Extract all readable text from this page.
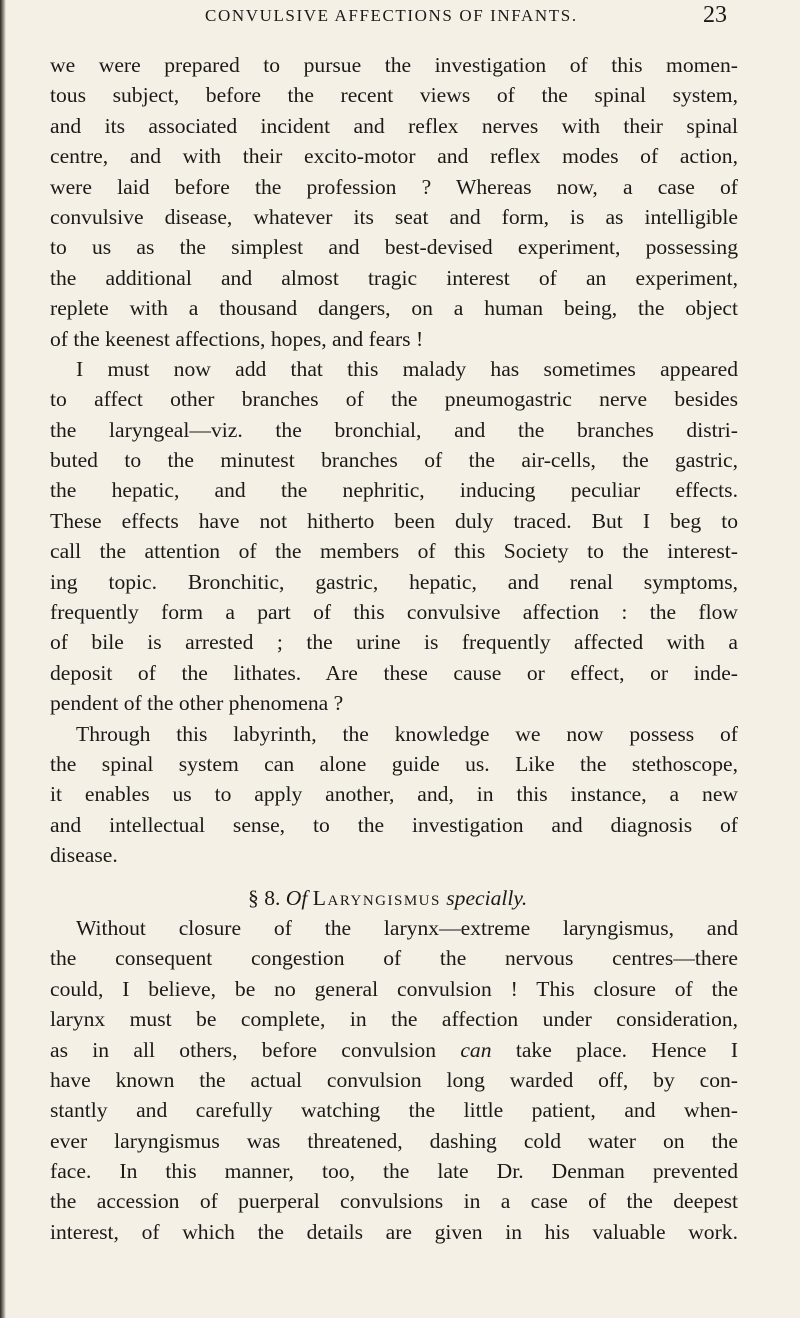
CONVULSIVE AFFECTIONS OF INFANTS.	23
we were prepared to pursue the investigation of this momen-
tous subject, before the recent views of the spinal system,
and its associated incident and reflex nerves with their spinal
centre, and with their excito-motor and reflex modes of action,
were laid before the profession ? Whereas now, a case of
convulsive disease, whatever its seat and form, is as intelligible
to us as the simplest and best-devised experiment, possessing
the additional and almost tragic interest of an experiment,
replete with a thousand dangers, on a human being, the object
of the keenest affections, hopes, and fears !
I must now add that this malady has sometimes appeared
to affect other branches of the pneumogastric nerve besides
the laryngeal—viz. the bronchial, and the branches distri-
buted to the minutest branches of the air-cells, the gastric,
the hepatic, and the nephritic, inducing peculiar effects.
These effects have not hitherto been duly traced. But I beg to
call the attention of the members of this Society to the interest-
ing topic. Bronchitic, gastric, hepatic, and renal symptoms,
frequently form a part of this convulsive affection : the flow
of bile is arrested ; the urine is frequently affected with a
deposit of the lithates. Are these cause or effect, or inde-
pendent of the other phenomena ?
Through this labyrinth, the knowledge we now possess of
the spinal system can alone guide us. Like the stethoscope,
it enables us to apply another, and, in this instance, a new
and intellectual sense, to the investigation and diagnosis of
disease.
§ 8. Of Laryngismus specially.
Without closure of the larynx—extreme laryngismus, and
the consequent congestion of the nervous centres—there
could, I believe, be no general convulsion ! This closure of the
larynx must be complete, in the affection under consideration,
as in all others, before convulsion can take place. Hence I
have known the actual convulsion long warded off, by con-
stantly and carefully watching the little patient, and when-
ever laryngismus was threatened, dashing cold water on the
face. In this manner, too, the late Dr. Denman prevented
the accession of puerperal convulsions in a case of the deepest
interest, of which the details are given in his valuable work.
